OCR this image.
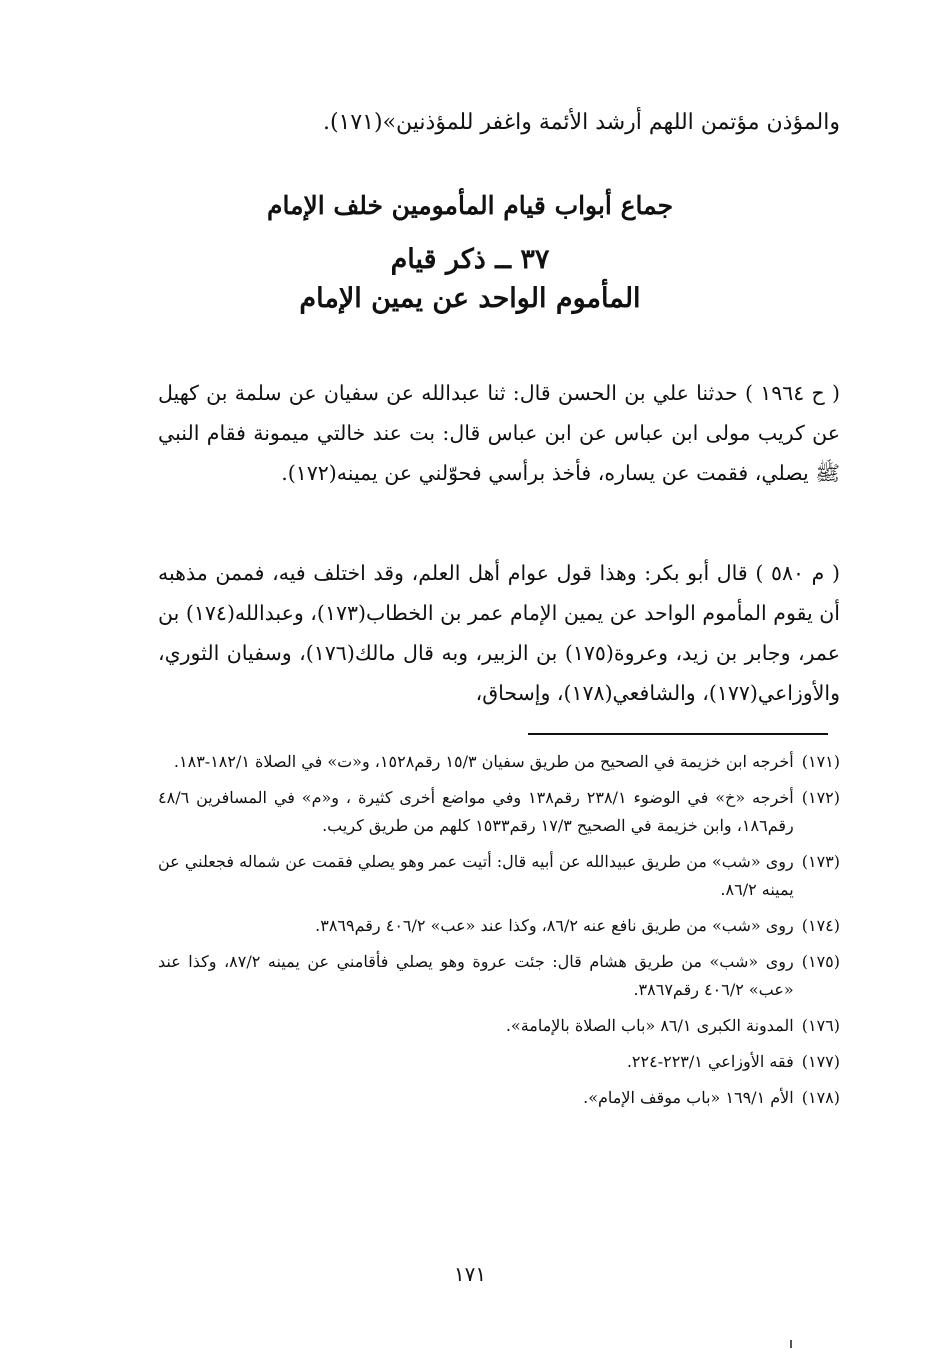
والمؤذن مؤتمن اللهم أرشد الأئمة واغفر للمؤذنين»(١٧١).

جماع أبواب قيام المأمومين خلف الإمام
٣٧ ــ ذكر قيام
المأموم الواحد عن يمين الإمام

( ح ١٩٦٤ ) حدثنا علي بن الحسن قال: ثنا عبدالله عن سفيان عن سلمة بن كهيل عن كريب مولى ابن عباس عن ابن عباس قال: بت عند خالتي ميمونة فقام النبي ﷺ يصلي، فقمت عن يساره، فأخذ برأسي فحوّلني عن يمينه(١٧٢).

( م ٥٨٠ ) قال أبو بكر: وهذا قول عوام أهل العلم، وقد اختلف فيه، فممن مذهبه أن يقوم المأموم الواحد عن يمين الإمام عمر بن الخطاب(١٧٣)، وعبدالله(١٧٤) بن عمر، وجابر بن زيد، وعروة(١٧٥) بن الزبير، وبه قال مالك(١٧٦)، وسفيان الثوري، والأوزاعي(١٧٧)، والشافعي(١٧٨)، وإسحاق،

(١٧١)
أخرجه ابن خزيمة في الصحيح من طريق سفيان ١٥/٣ رقم١٥٢٨، و«ت» في الصلاة ١٨٢/١-١٨٣.
(١٧٢)
أخرجه «خ» في الوضوء ٢٣٨/١ رقم١٣٨ وفي مواضع أخرى كثيرة ، و«م» في المسافرين ٤٨/٦ رقم١٨٦، وابن خزيمة في الصحيح ١٧/٣ رقم١٥٣٣ كلهم من طريق كريب.
(١٧٣)
روى «شب» من طريق عبيدالله عن أبيه قال: أتيت عمر وهو يصلي فقمت عن شماله فجعلني عن يمينه ٨٦/٢.
(١٧٤)
روى «شب» من طريق نافع عنه ٨٦/٢، وكذا عند «عب» ٤٠٦/٢ رقم٣٨٦٩.
(١٧٥)
روى «شب» من طريق هشام قال: جئت عروة وهو يصلي فأقامني عن يمينه ٨٧/٢، وكذا عند «عب» ٤٠٦/٢ رقم٣٨٦٧.
(١٧٦)
المدونة الكبرى ٨٦/١ «باب الصلاة بالإمامة».
(١٧٧)
فقه الأوزاعي ٢٢٣/١-٢٢٤.
(١٧٨)
الأم ١٦٩/١ «باب موقف الإمام».
١٧١
